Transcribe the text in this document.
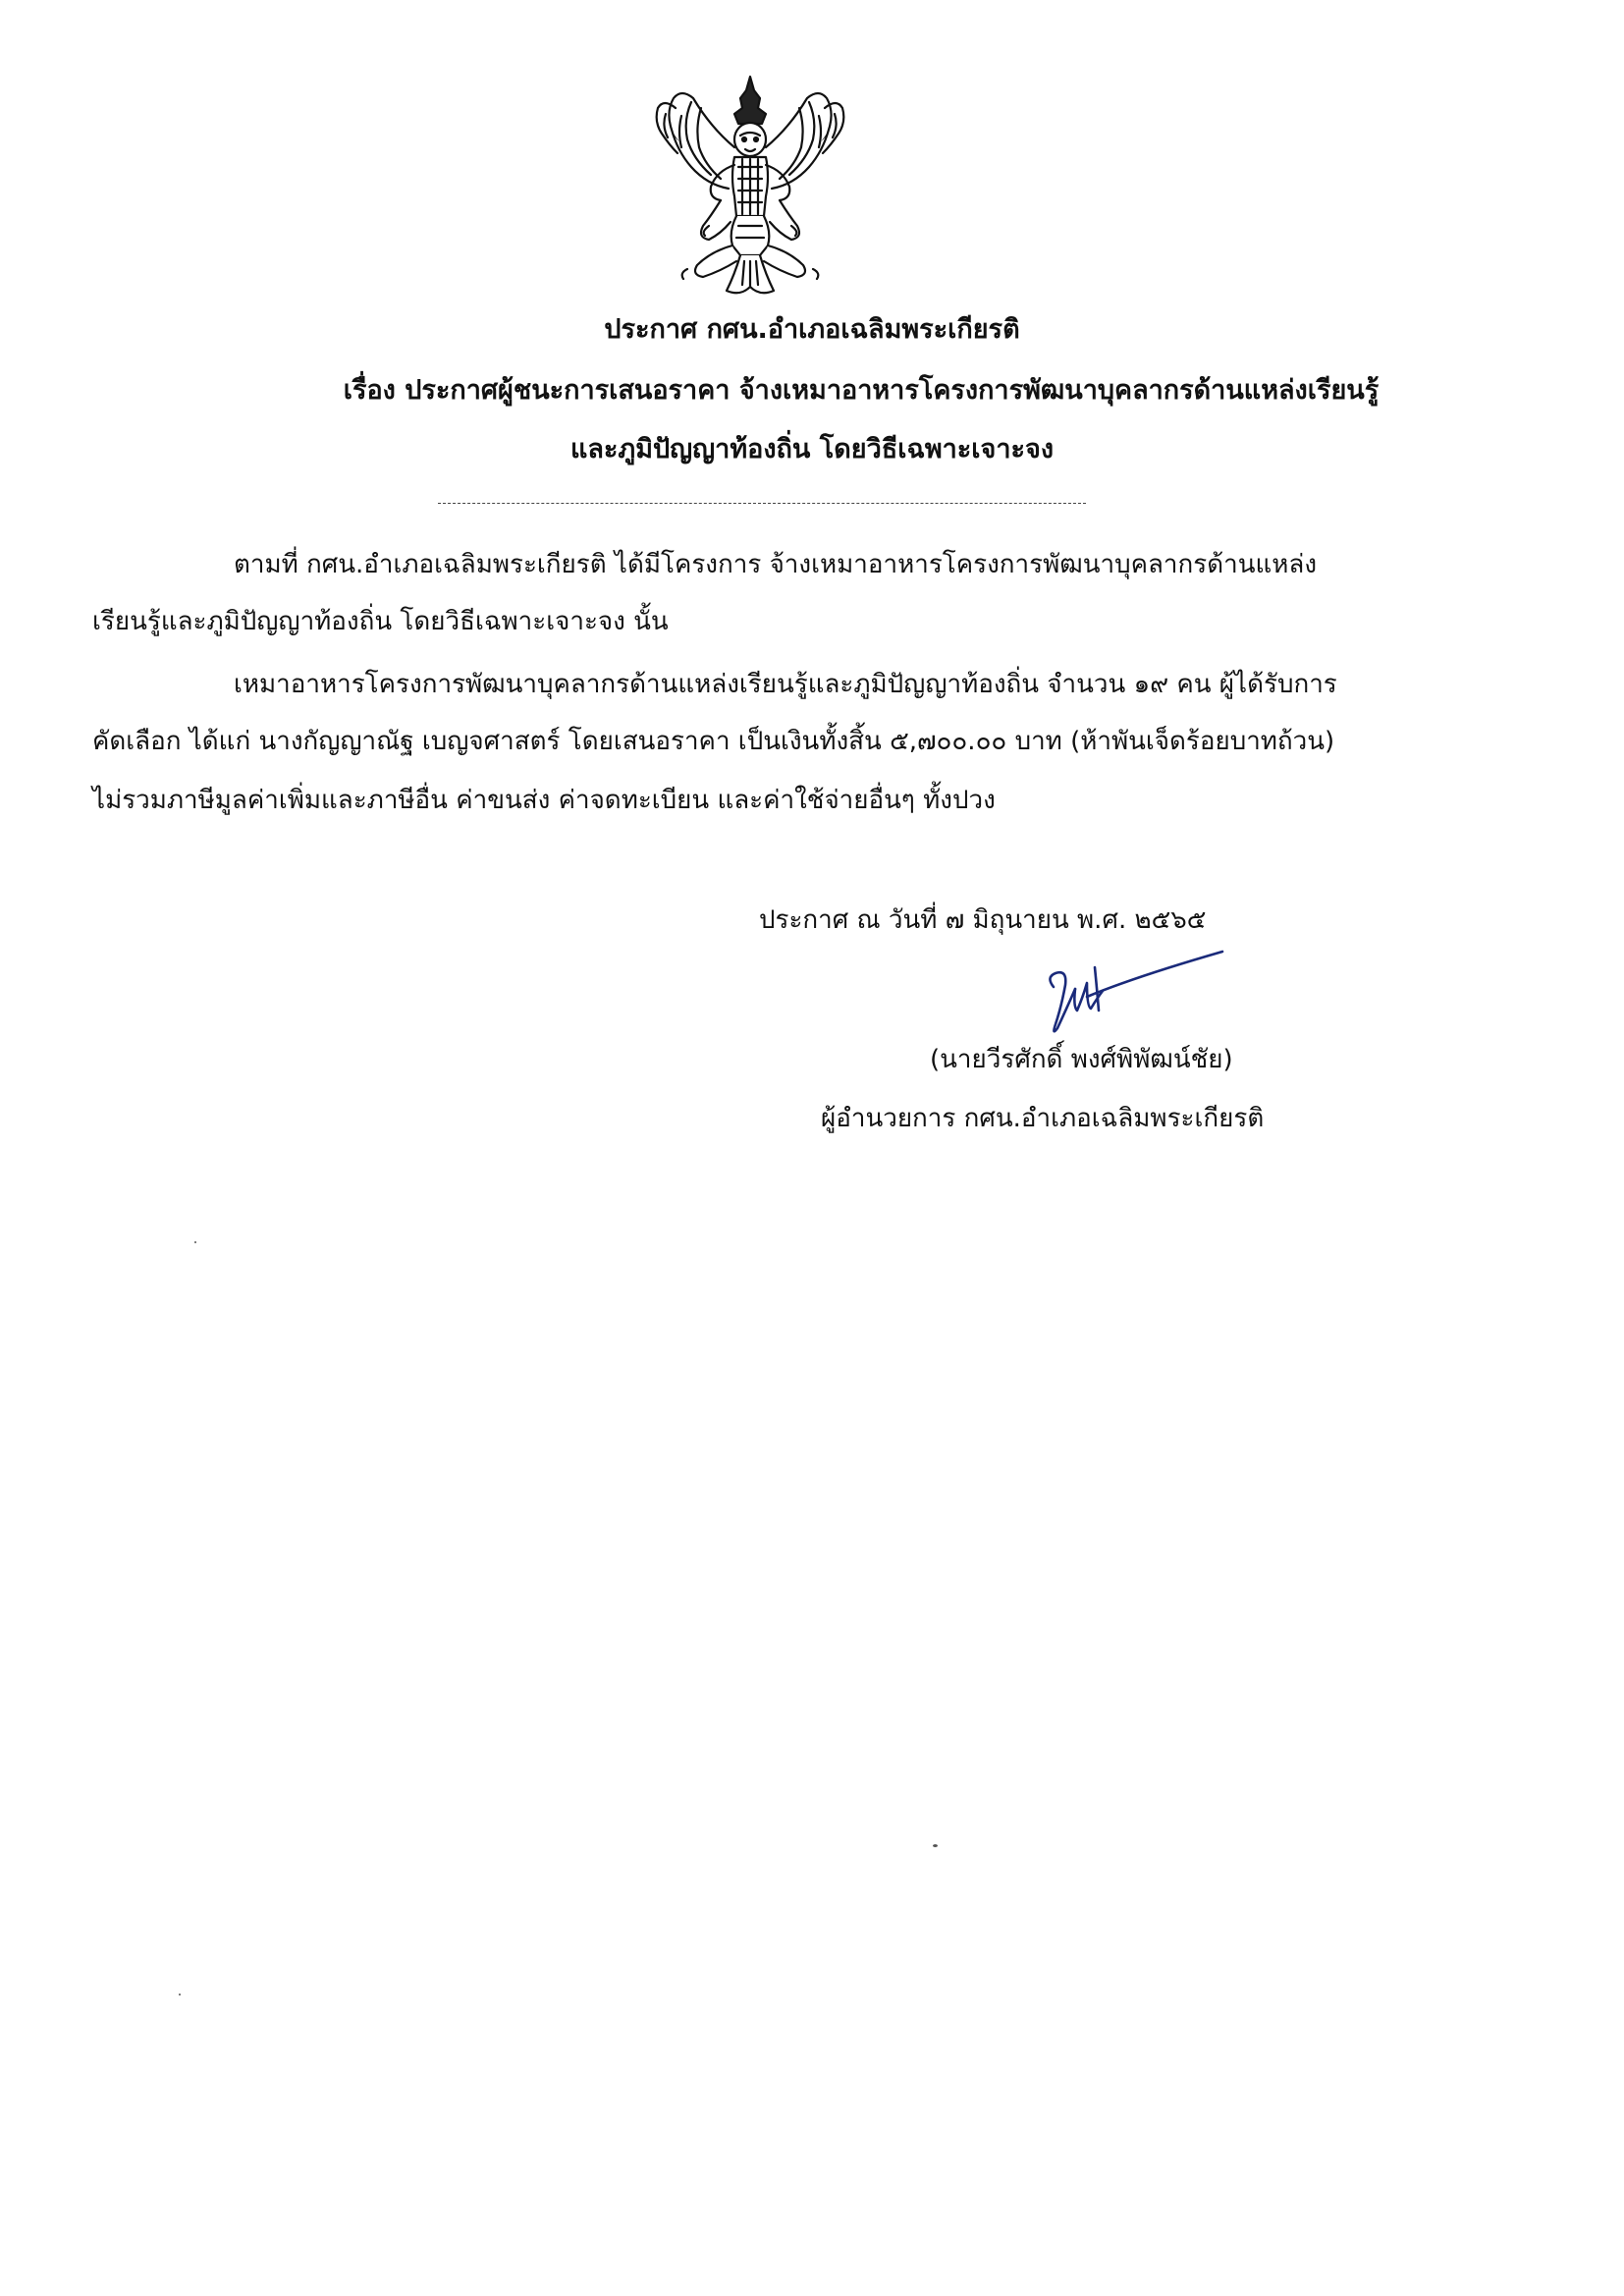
ประกาศ กศน.อำเภอเฉลิมพระเกียรติ
เรื่อง ประกาศผู้ชนะการเสนอราคา จ้างเหมาอาหารโครงการพัฒนาบุคลากรด้านแหล่งเรียนรู้
และภูมิปัญญาท้องถิ่น โดยวิธีเฉพาะเจาะจง
ตามที่ กศน.อำเภอเฉลิมพระเกียรติ ได้มีโครงการ จ้างเหมาอาหารโครงการพัฒนาบุคลากรด้านแหล่ง
เรียนรู้และภูมิปัญญาท้องถิ่น โดยวิธีเฉพาะเจาะจง นั้น
เหมาอาหารโครงการพัฒนาบุคลากรด้านแหล่งเรียนรู้และภูมิปัญญาท้องถิ่น จำนวน ๑๙ คน ผู้ได้รับการ
คัดเลือก ได้แก่ นางกัญญาณัฐ เบญจศาสตร์ โดยเสนอราคา เป็นเงินทั้งสิ้น ๕,๗๐๐.๐๐ บาท (ห้าพันเจ็ดร้อยบาทถ้วน)
ไม่รวมภาษีมูลค่าเพิ่มและภาษีอื่น ค่าขนส่ง ค่าจดทะเบียน และค่าใช้จ่ายอื่นๆ ทั้งปวง
ประกาศ ณ วันที่ ๗ มิถุนายน พ.ศ. ๒๕๖๕
(นายวีรศักดิ์ พงศ์พิพัฒน์ชัย)
ผู้อำนวยการ กศน.อำเภอเฉลิมพระเกียรติ
